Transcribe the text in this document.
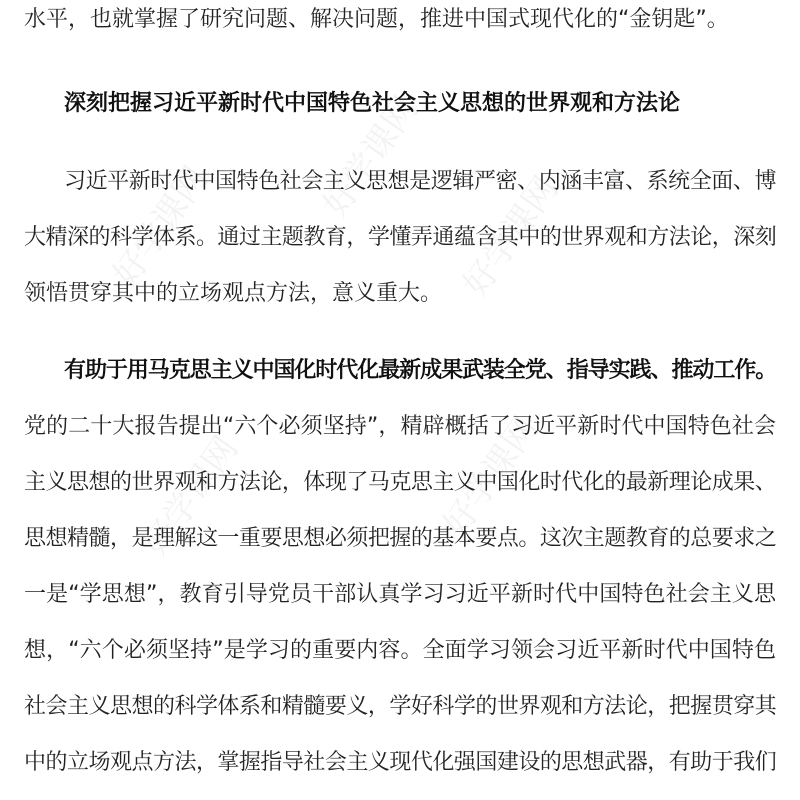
好学课网
好学课网
好学课网
好学课网	好学课网
水平，也就掌握了研究问题、解决问题，推进中国式现代化的“金钥匙”。
深刻把握习近平新时代中国特色社会主义思想的世界观和方法论
习近平新时代中国特色社会主义思想是逻辑严密、内涵丰富、系统全面、博
大精深的科学体系。通过主题教育，学懂弄通蕴含其中的世界观和方法论，深刻
领悟贯穿其中的立场观点方法，意义重大。
有助于用马克思主义中国化时代化最新成果武装全党、指导实践、推动工作。
党的二十大报告提出“六个必须坚持”，精辟概括了习近平新时代中国特色社会
主义思想的世界观和方法论，体现了马克思主义中国化时代化的最新理论成果、
思想精髓，是理解这一重要思想必须把握的基本要点。这次主题教育的总要求之
一是“学思想”，教育引导党员干部认真学习习近平新时代中国特色社会主义思
想，“六个必须坚持”是学习的重要内容。全面学习领会习近平新时代中国特色
社会主义思想的科学体系和精髓要义，学好科学的世界观和方法论，把握贯穿其
中的立场观点方法，掌握指导社会主义现代化强国建设的思想武器，有助于我们
